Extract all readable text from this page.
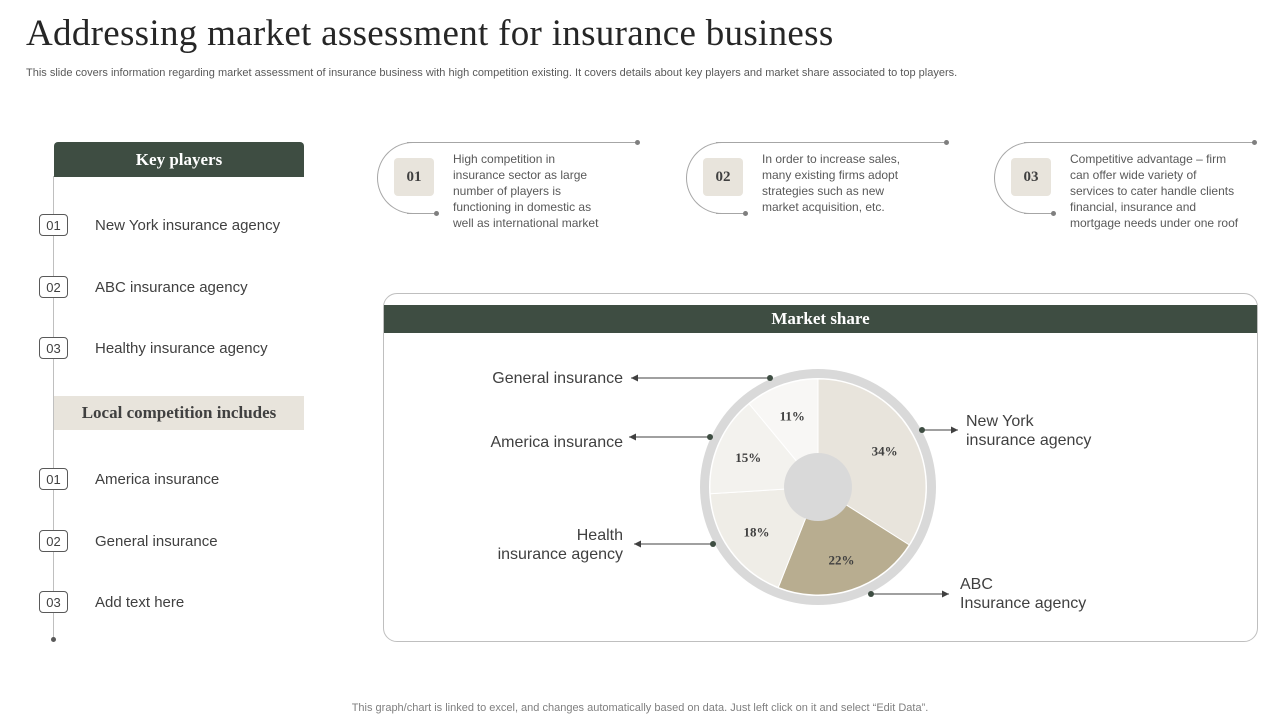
Addressing market assessment for insurance business
This slide covers information regarding market assessment of insurance business with high competition existing. It covers details about key players and market share associated to top players.
Key players
01	New York insurance agency
02	ABC insurance agency
03	Healthy insurance agency
Local competition includes
01	America insurance
02	General insurance
03	Add text here
01
High competition in
insurance sector as large
number of players is
functioning in domestic as
well as international market
02
In order to increase sales,
many existing firms adopt
strategies such as new
market acquisition, etc.
03
Competitive advantage – firm
can offer wide variety of
services to cater handle clients
financial, insurance and
mortgage needs under one roof
Market share
34%
22%
18%
15%
11%	New York
insurance agency
ABC
Insurance agency
Health
insurance agency
America insurance
General insurance
This graph/chart is linked to excel, and changes automatically based on data. Just left click on it and select “Edit Data”.
